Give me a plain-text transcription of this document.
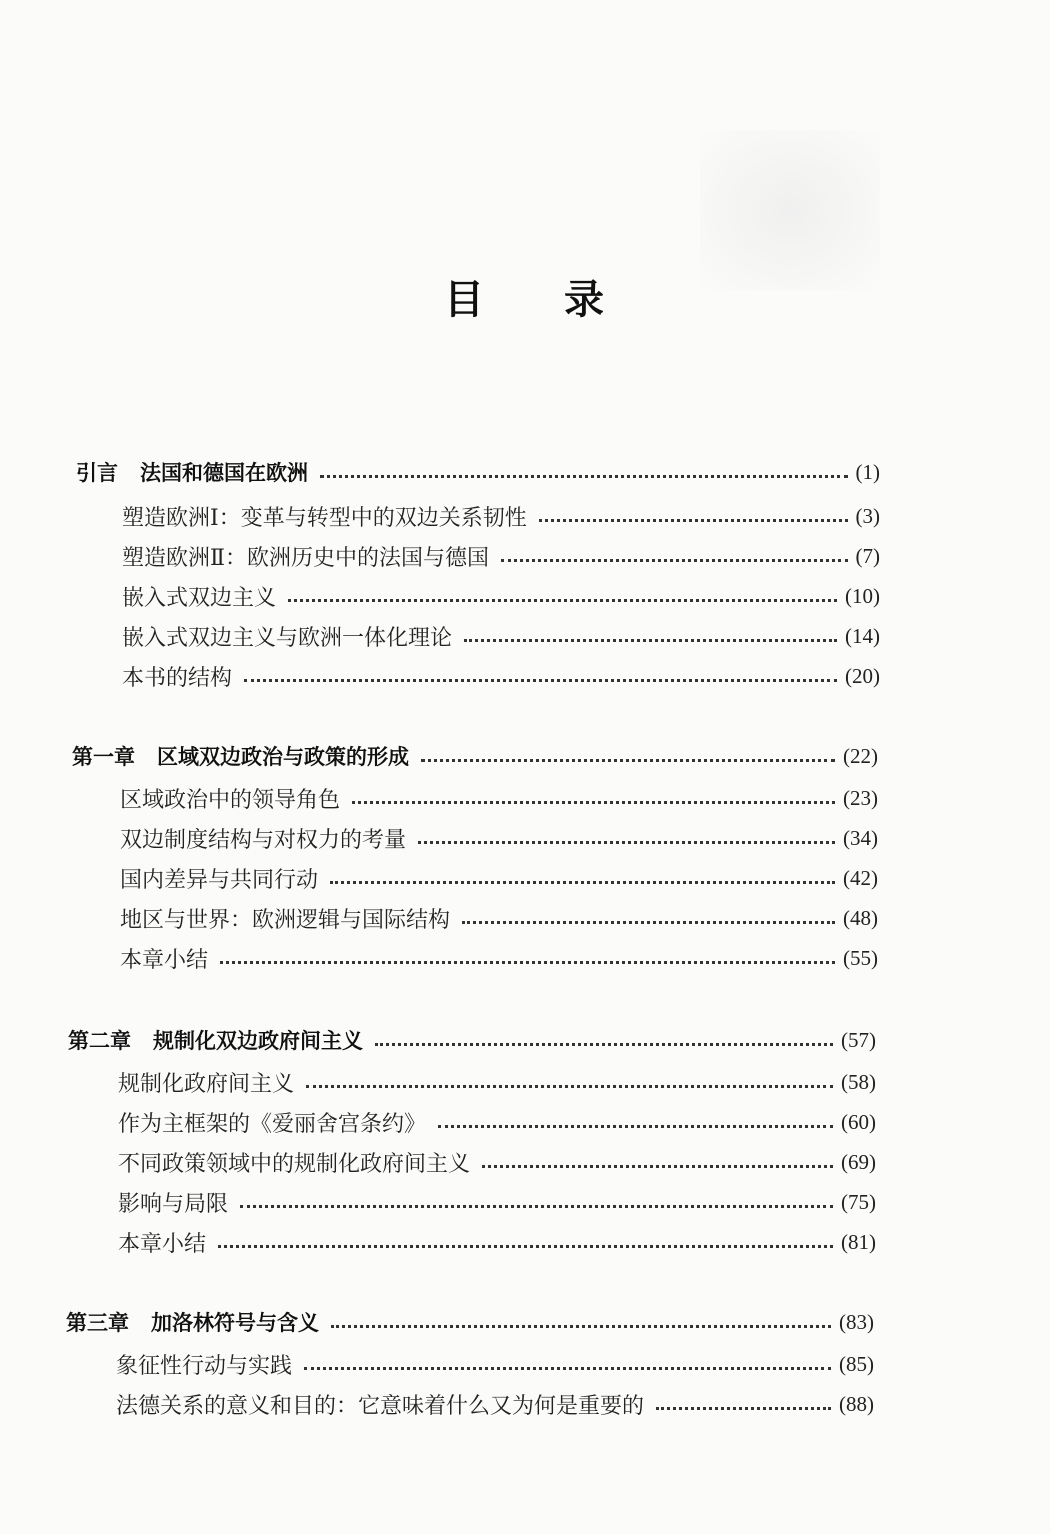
目 录
引言 法国和德国在欧洲	(1)
塑造欧洲Ⅰ：变革与转型中的双边关系韧性	(3)
塑造欧洲Ⅱ：欧洲历史中的法国与德国	(7)
嵌入式双边主义	(10)
嵌入式双边主义与欧洲一体化理论	(14)
本书的结构	(20)
第一章 区域双边政治与政策的形成	(22)
区域政治中的领导角色	(23)
双边制度结构与对权力的考量	(34)
国内差异与共同行动	(42)
地区与世界：欧洲逻辑与国际结构	(48)
本章小结	(55)
第二章 规制化双边政府间主义	(57)
规制化政府间主义	(58)
作为主框架的《爱丽舍宫条约》	(60)
不同政策领域中的规制化政府间主义	(69)
影响与局限	(75)
本章小结	(81)
第三章 加洛林符号与含义	(83)
象征性行动与实践	(85)
法德关系的意义和目的：它意味着什么又为何是重要的	(88)
